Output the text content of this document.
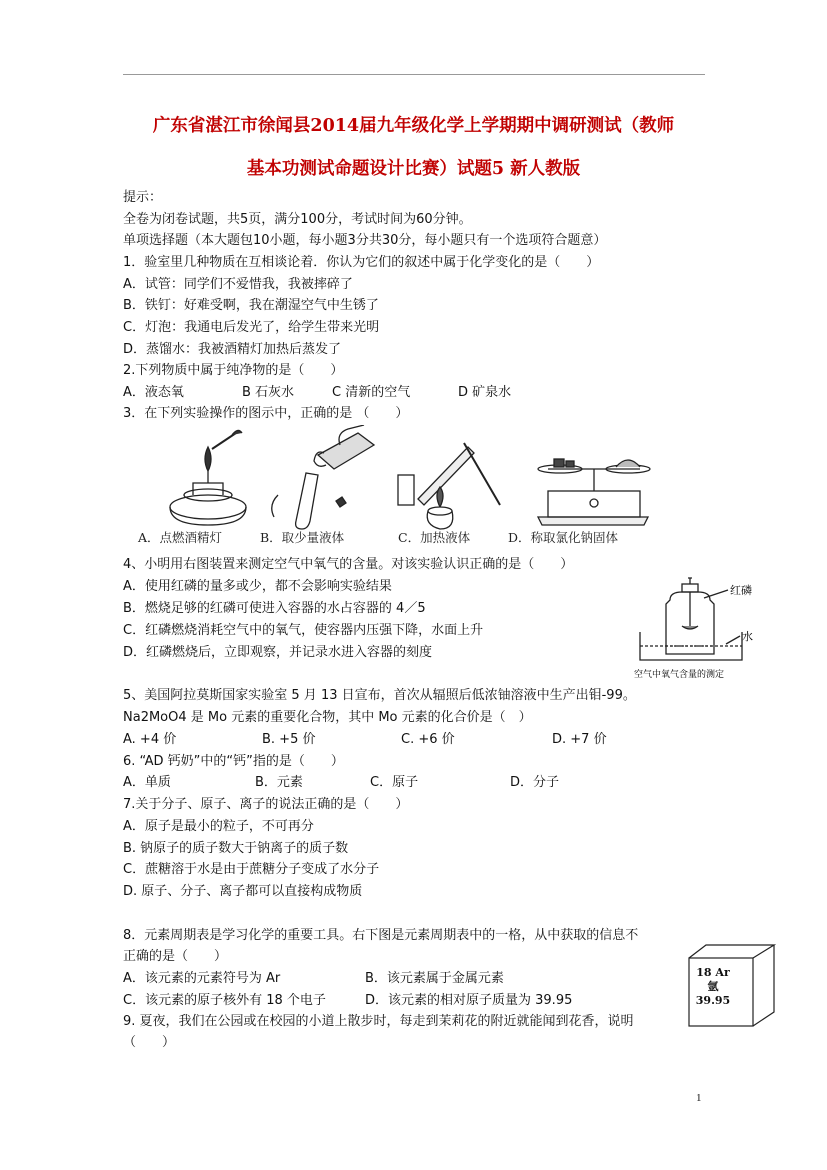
广东省湛江市徐闻县2014届九年级化学上学期期中调研测试（教师
基本功测试命题设计比赛）试题5 新人教版
提示：
全卷为闭卷试题，共5页，满分100分，考试时间为60分钟。
单项选择题（本大题包10小题，每小题3分共30分，每小题只有一个选项符合题意）
1．验室里几种物质在互相谈论着．你认为它们的叙述中属于化学变化的是（　　）
A．试管：同学们不爱惜我，我被摔碎了
B．铁钉：好难受啊，我在潮湿空气中生锈了
C．灯泡：我通电后发光了，给学生带来光明
D．蒸馏水：我被酒精灯加热后蒸发了
2.下列物质中属于纯净物的是（　　）
A．液态氧	B 石灰水	C 清新的空气	D 矿泉水
3．在下列实验操作的图示中，正确的是 （　　）
A．点燃酒精灯	B．取少量液体	C．加热液体	D．称取氯化钠固体
4、小明用右图装置来测定空气中氧气的含量。对该实验认识正确的是（　　）
A．使用红磷的量多或少，都不会影响实验结果
B．燃烧足够的红磷可使进入容器的水占容器的 4／5
C．红磷燃烧消耗空气中的氧气，使容器内压强下降，水面上升
D．红磷燃烧后，立即观察，并记录水进入容器的刻度
红磷
水
空气中氧气含量的测定
5、美国阿拉莫斯国家实验室 5 月 13 日宣布，首次从辐照后低浓铀溶液中生产出钼-99。
Na2MoO4 是 Mo 元素的重要化合物，其中 Mo 元素的化合价是（　）
A. +4 价	B. +5 价	C. +6 价	D. +7 价
6. “AD 钙奶”中的“钙”指的是（　　）
A．单质	B．元素	C．原子	D．分子
7.关于分子、原子、离子的说法正确的是（　　）
A．原子是最小的粒子，不可再分
B. 钠原子的质子数大于钠离子的质子数
C．蔗糖溶于水是由于蔗糖分子变成了水分子
D. 原子、分子、离子都可以直接构成物质
8．元素周期表是学习化学的重要工具。右下图是元素周期表中的一格，从中获取的信息不
正确的是（　　）
A．该元素的元素符号为 Ar	B．该元素属于金属元素
C．该元素的原子核外有 18 个电子	D．该元素的相对原子质量为 39.95
18 Ar
氩
39.95
9. 夏夜，我们在公园或在校园的小道上散步时，每走到茉莉花的附近就能闻到花香，说明
（　　）
1
